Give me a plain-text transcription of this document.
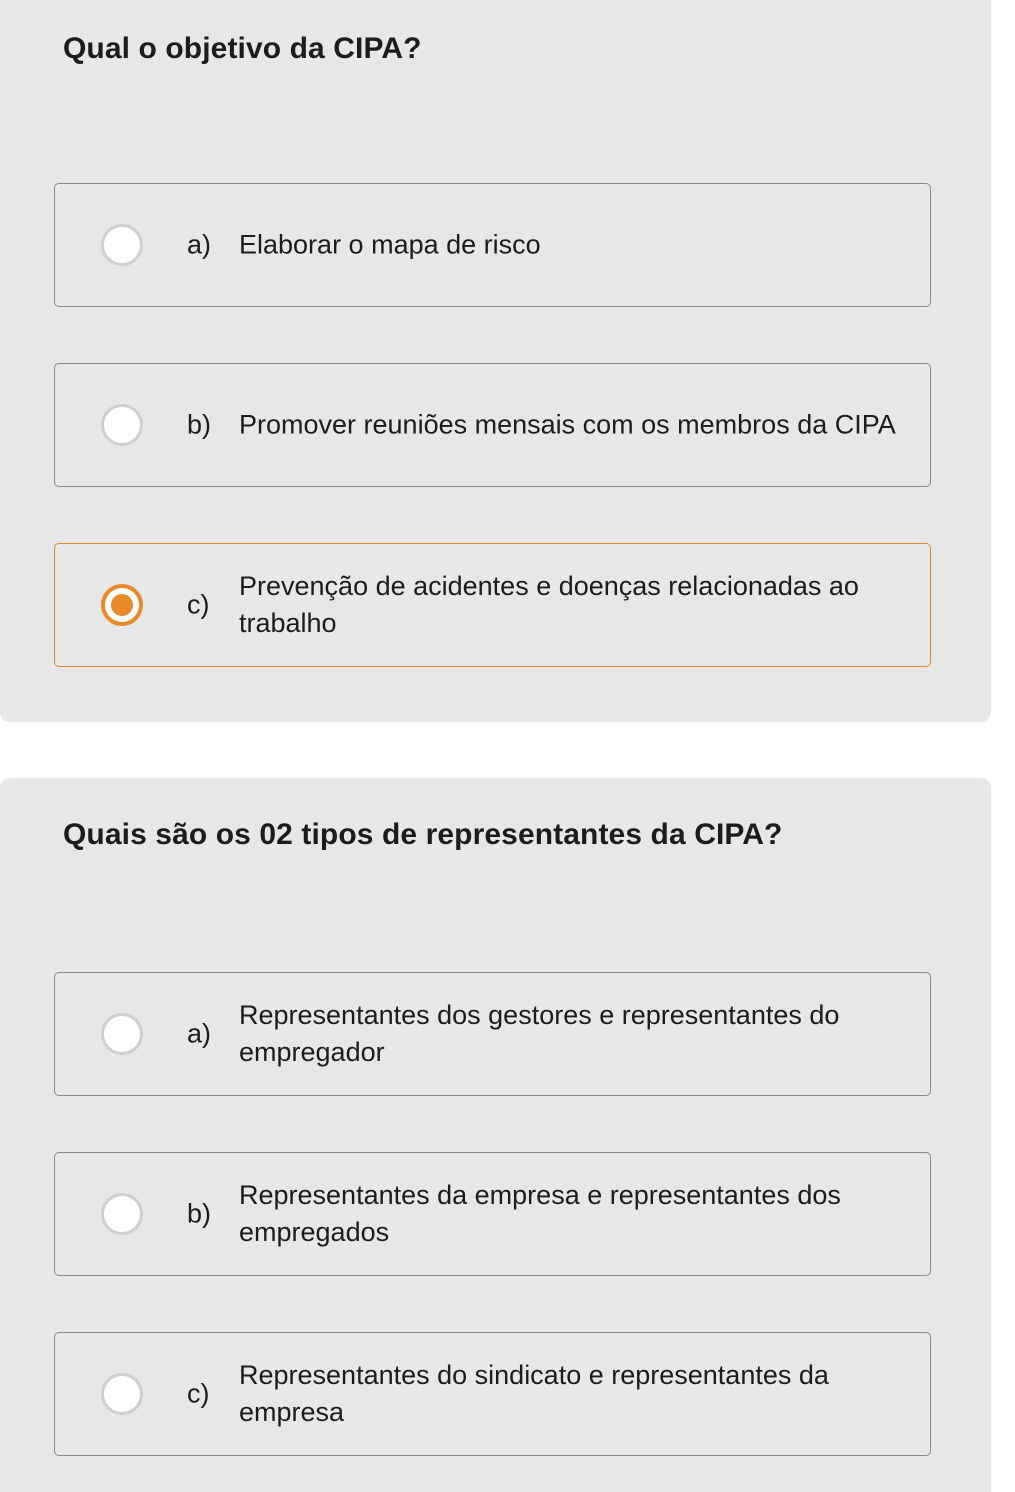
Qual o objetivo da CIPA?
a) Elaborar o mapa de risco
b) Promover reuniões mensais com os membros da CIPA
c)
Prevenção de acidentes e doenças relacionadas ao trabalho
Quais são os 02 tipos de representantes da CIPA?
a)
Representantes dos gestores e representantes do empregador
b)
Representantes da empresa e representantes dos empregados
c)
Representantes do sindicato e representantes da empresa
